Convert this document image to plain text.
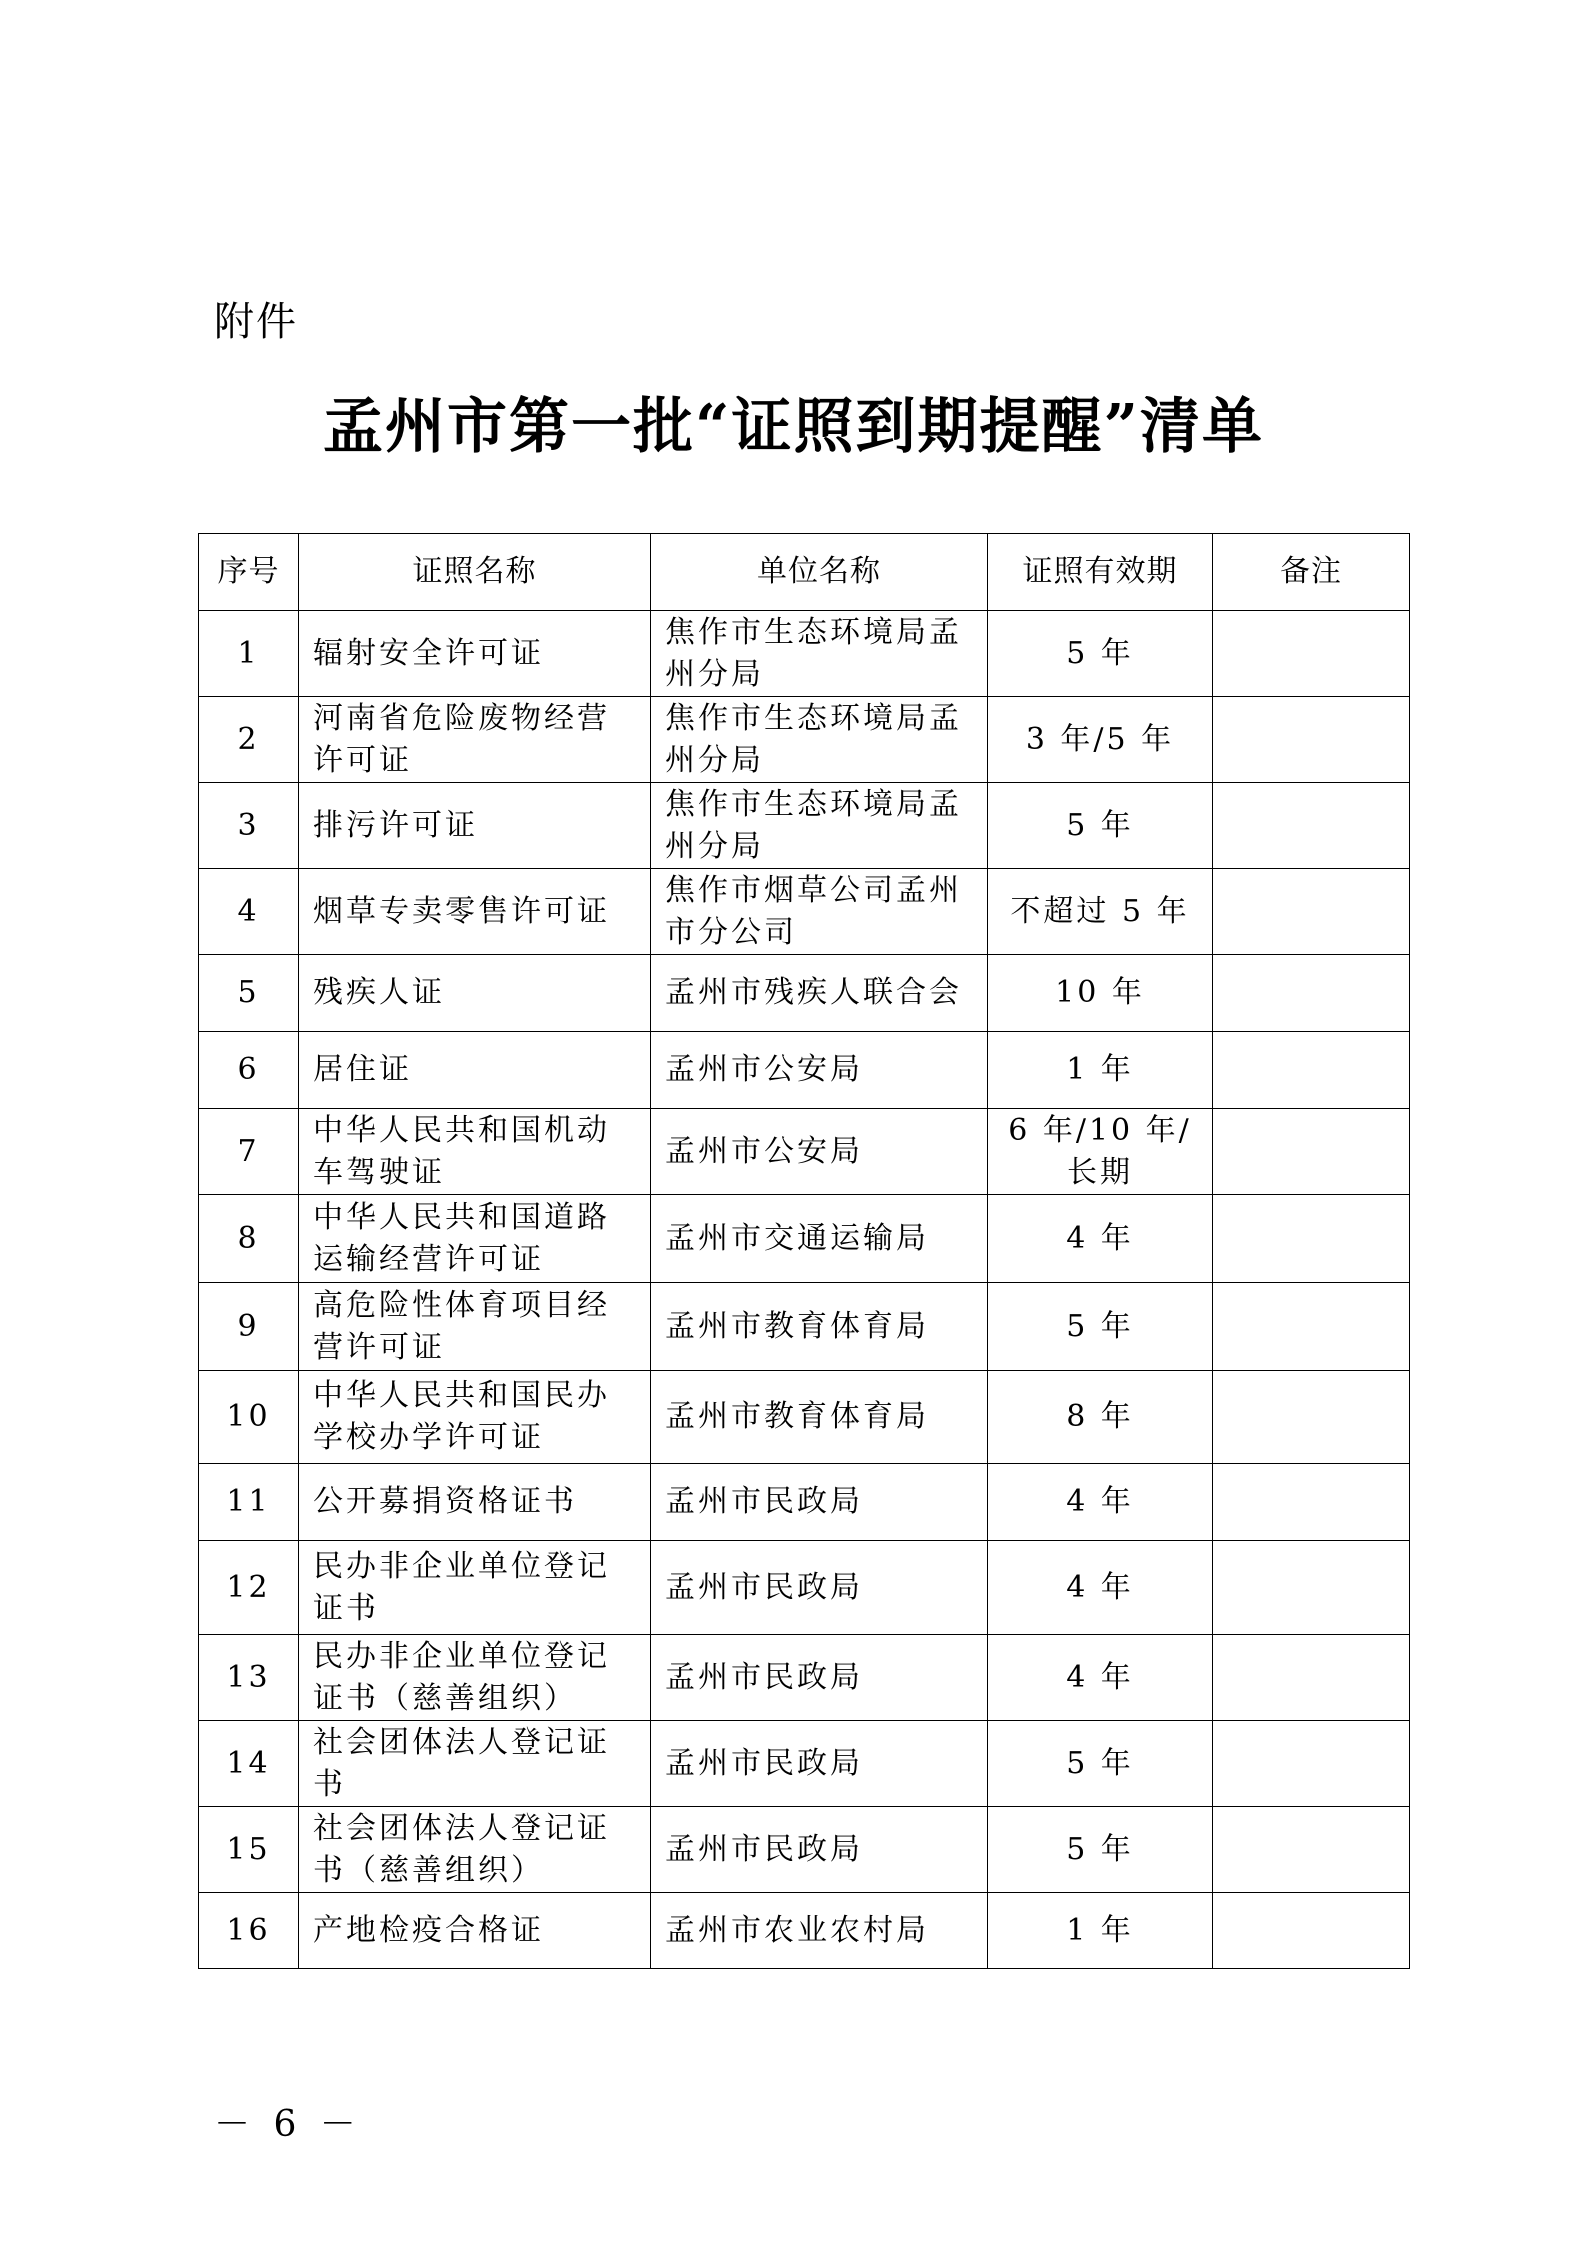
附件
孟州市第一批“证照到期提醒”清单
序号	证照名称	单位名称	证照有效期	备注
1	辐射安全许可证	焦作市生态环境局孟州分局	5 年	
2	河南省危险废物经营许可证	焦作市生态环境局孟州分局	3 年/5 年	
3	排污许可证	焦作市生态环境局孟州分局	5 年	
4	烟草专卖零售许可证	焦作市烟草公司孟州市分公司	不超过 5 年	
5	残疾人证	孟州市残疾人联合会	10 年	
6	居住证	孟州市公安局	1 年	
7	中华人民共和国机动车驾驶证	孟州市公安局	6 年/10 年/长期	
8	中华人民共和国道路运输经营许可证	孟州市交通运输局	4 年	
9	高危险性体育项目经营许可证	孟州市教育体育局	5 年	
10	中华人民共和国民办学校办学许可证	孟州市教育体育局	8 年	
11	公开募捐资格证书	孟州市民政局	4 年	
12	民办非企业单位登记证书	孟州市民政局	4 年	
13	民办非企业单位登记证书（慈善组织）	孟州市民政局	4 年	
14	社会团体法人登记证书	孟州市民政局	5 年	
15	社会团体法人登记证书（慈善组织）	孟州市民政局	5 年	
16	产地检疫合格证	孟州市农业农村局	1 年	
－ 6 －
